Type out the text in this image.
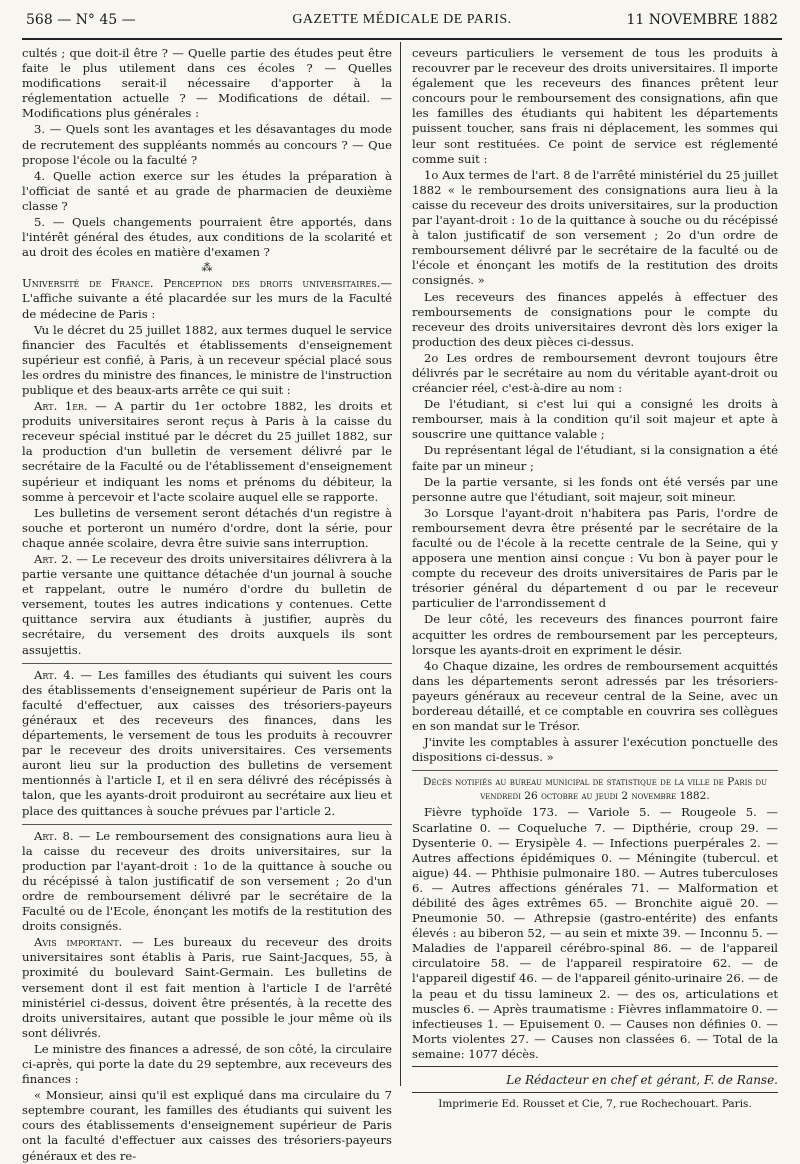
568 — N° 45 —	GAZETTE MÉDICALE DE PARIS.	11 NOVEMBRE 1882

cultés ; que doit-il être ? — Quelle partie des études peut être faite le plus utilement dans ces écoles ? — Quelles modifications serait-il nécessaire d'apporter à la réglementation actuelle ? — Modifications de détail. — Modifications plus générales :

3. — Quels sont les avantages et les désavantages du mode de recrutement des suppléants nommés au concours ? — Que propose l'école ou la faculté ?

4. Quelle action exerce sur les études la préparation à l'officiat de santé et au grade de pharmacien de deuxième classe ?

5. — Quels changements pourraient être apportés, dans l'intérêt général des études, aux conditions de la scolarité et au droit des écoles en matière d'examen ?

⁂

Université de France. Perception des droits universitaires.— L'affiche suivante a été placardée sur les murs de la Faculté de médecine de Paris :

Vu le décret du 25 juillet 1882, aux termes duquel le service financier des Facultés et établissements d'enseignement supérieur est confié, à Paris, à un receveur spécial placé sous les ordres du ministre des finances, le ministre de l'instruction publique et des beaux-arts arrête ce qui suit :

Art. 1er. — A partir du 1er octobre 1882, les droits et produits universitaires seront reçus à Paris à la caisse du receveur spécial institué par le décret du 25 juillet 1882, sur la production d'un bulletin de versement délivré par le secrétaire de la Faculté ou de l'établissement d'enseignement supérieur et indiquant les noms et prénoms du débiteur, la somme à percevoir et l'acte scolaire auquel elle se rapporte.

Les bulletins de versement seront détachés d'un registre à souche et porteront un numéro d'ordre, dont la série, pour chaque année scolaire, devra être suivie sans interruption.

Art. 2. — Le receveur des droits universitaires délivrera à la partie versante une quittance détachée d'un journal à souche et rappelant, outre le numéro d'ordre du bulletin de versement, toutes les autres indications y contenues. Cette quittance servira aux étudiants à justifier, auprès du secrétaire, du versement des droits auxquels ils sont assujettis.

Art. 4. — Les familles des étudiants qui suivent les cours des établissements d'enseignement supérieur de Paris ont la faculté d'effectuer, aux caisses des trésoriers-payeurs généraux et des receveurs des finances, dans les départements, le versement de tous les produits à recouvrer par le receveur des droits universitaires. Ces versements auront lieu sur la production des bulletins de versement mentionnés à l'article I, et il en sera délivré des récépissés à talon, que les ayants-droit produiront au secrétaire aux lieu et place des quittances à souche prévues par l'article 2.

Art. 8. — Le remboursement des consignations aura lieu à la caisse du receveur des droits universitaires, sur la production par l'ayant-droit : 1o de la quittance à souche ou du récépissé à talon justificatif de son versement ; 2o d'un ordre de remboursement délivré par le secrétaire de la Faculté ou de l'Ecole, énonçant les motifs de la restitution des droits consignés.

Avis important. — Les bureaux du receveur des droits universitaires sont établis à Paris, rue Saint-Jacques, 55, à proximité du boulevard Saint-Germain. Les bulletins de versement dont il est fait mention à l'article I de l'arrêté ministériel ci-dessus, doivent être présentés, à la recette des droits universitaires, autant que possible le jour même où ils sont délivrés.

Le ministre des finances a adressé, de son côté, la circulaire ci-après, qui porte la date du 29 septembre, aux receveurs des finances :

« Monsieur, ainsi qu'il est expliqué dans ma circulaire du 7 septembre courant, les familles des étudiants qui suivent les cours des établissements d'enseignement supérieur de Paris ont la faculté d'effectuer aux caisses des trésoriers-payeurs généraux et des re-

ceveurs particuliers le versement de tous les produits à recouvrer par le receveur des droits universitaires. Il importe également que les receveurs des finances prêtent leur concours pour le remboursement des consignations, afin que les familles des étudiants qui habitent les départements puissent toucher, sans frais ni déplacement, les sommes qui leur sont restituées. Ce point de service est réglementé comme suit :

1o Aux termes de l'art. 8 de l'arrêté ministériel du 25 juillet 1882 « le remboursement des consignations aura lieu à la caisse du receveur des droits universitaires, sur la production par l'ayant-droit : 1o de la quittance à souche ou du récépissé à talon justificatif de son versement ; 2o d'un ordre de remboursement délivré par le secrétaire de la faculté ou de l'école et énonçant les motifs de la restitution des droits consignés. »

Les receveurs des finances appelés à effectuer des remboursements de consignations pour le compte du receveur des droits universitaires devront dès lors exiger la production des deux pièces ci-dessus.

2o Les ordres de remboursement devront toujours être délivrés par le secrétaire au nom du véritable ayant-droit ou créancier réel, c'est-à-dire au nom :

De l'étudiant, si c'est lui qui a consigné les droits à rembourser, mais à la condition qu'il soit majeur et apte à souscrire une quittance valable ;

Du représentant légal de l'étudiant, si la consignation a été faite par un mineur ;

De la partie versante, si les fonds ont été versés par une personne autre que l'étudiant, soit majeur, soit mineur.

3o Lorsque l'ayant-droit n'habitera pas Paris, l'ordre de remboursement devra être présenté par le secrétaire de la faculté ou de l'école à la recette centrale de la Seine, qui y apposera une mention ainsi conçue : Vu bon à payer pour le compte du receveur des droits universitaires de Paris par le trésorier général du département d ou par le receveur particulier de l'arrondissement d

De leur côté, les receveurs des finances pourront faire acquitter les ordres de remboursement par les percepteurs, lorsque les ayants-droit en expriment le désir.

4o Chaque dizaine, les ordres de remboursement acquittés dans les départements seront adressés par les trésoriers-payeurs généraux au receveur central de la Seine, avec un bordereau détaillé, et ce comptable en couvrira ses collègues en son mandat sur le Trésor.

J'invite les comptables à assurer l'exécution ponctuelle des dispositions ci-dessus. »

Décès notifiés au bureau municipal de statistique de la ville de Paris du vendredi 26 octobre au jeudi 2 novembre 1882.

Fièvre typhoïde 173. — Variole 5. — Rougeole 5. — Scarlatine 0. — Coqueluche 7. — Dipthérie, croup 29. — Dysenterie 0. — Erysipèle 4. — Infections puerpérales 2. — Autres affections épidémiques 0. — Méningite (tubercul. et aigue) 44. — Phthisie pulmonaire 180. — Autres tuberculoses 6. — Autres affections générales 71. — Malformation et débilité des âges extrêmes 65. — Bronchite aiguë 20. — Pneumonie 50. — Athrepsie (gastro-entérite) des enfants élevés : au biberon 52, — au sein et mixte 39. — Inconnu 5. — Maladies de l'appareil cérébro-spinal 86. — de l'appareil circulatoire 58. — de l'appareil respiratoire 62. — de l'appareil digestif 46. — de l'appareil génito-urinaire 26. — de la peau et du tissu lamineux 2. — des os, articulations et muscles 6. — Après traumatisme : Fièvres inflammatoire 0. — infectieuses 1. — Epuisement 0. — Causes non définies 0. — Morts violentes 27. — Causes non classées 6. — Total de la semaine: 1077 décès.

Le Rédacteur en chef et gérant, F. de Ranse.

Imprimerie Ed. Rousset et Cie, 7, rue Rochechouart. Paris.
